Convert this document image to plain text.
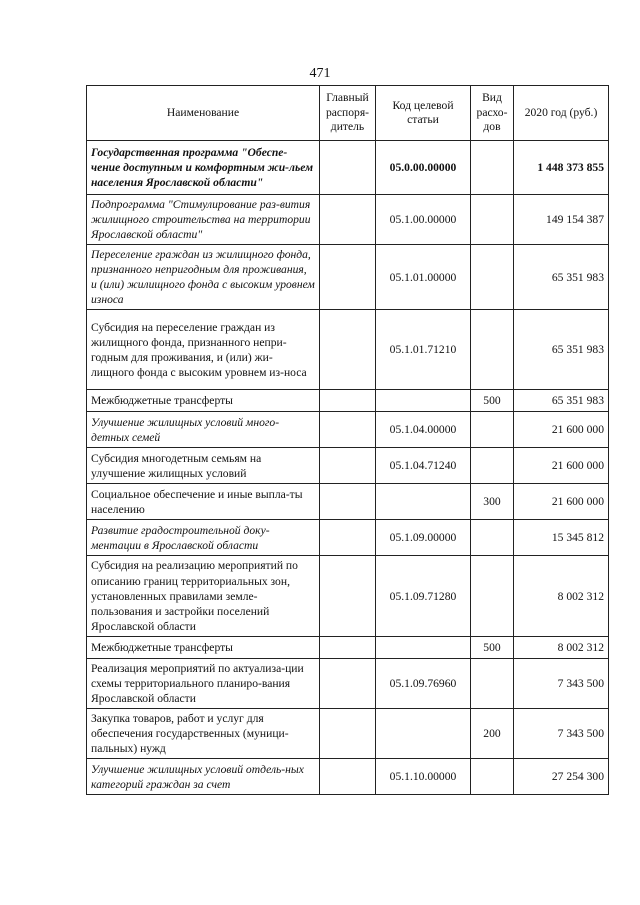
471
Наименование	Главный распоря-дитель	Код целевой статьи	Вид расхо-дов	2020 год (руб.)
Государственная программа "Обеспе-чение доступным и комфортным жи-льем населения Ярославской области"		05.0.00.00000		1 448 373 855
Подпрограмма "Стимулирование раз-вития жилищного строительства на территории Ярославской области"		05.1.00.00000		149 154 387
Переселение граждан из жилищного фонда, признанного непригодным для проживания, и (или) жилищного фонда с высоким уровнем износа		05.1.01.00000		65 351 983
Субсидия на переселение граждан из жилищного фонда, признанного непри-годным для проживания, и (или) жи-лищного фонда с высоким уровнем из-носа		05.1.01.71210		65 351 983
Межбюджетные трансферты			500	65 351 983
Улучшение жилищных условий много-детных семей		05.1.04.00000		21 600 000
Субсидия многодетным семьям на улучшение жилищных условий		05.1.04.71240		21 600 000
Социальное обеспечение и иные выпла-ты населению			300	21 600 000
Развитие градостроительной доку-ментации в Ярославской области		05.1.09.00000		15 345 812
Субсидия на реализацию мероприятий по описанию границ территориальных зон, установленных правилами земле-пользования и застройки поселений Ярославской области		05.1.09.71280		8 002 312
Межбюджетные трансферты			500	8 002 312
Реализация мероприятий по актуализа-ции схемы территориального планиро-вания Ярославской области		05.1.09.76960		7 343 500
Закупка товаров, работ и услуг для обеспечения государственных (муници-пальных) нужд			200	7 343 500
Улучшение жилищных условий отдель-ных категорий граждан за счет		05.1.10.00000		27 254 300
